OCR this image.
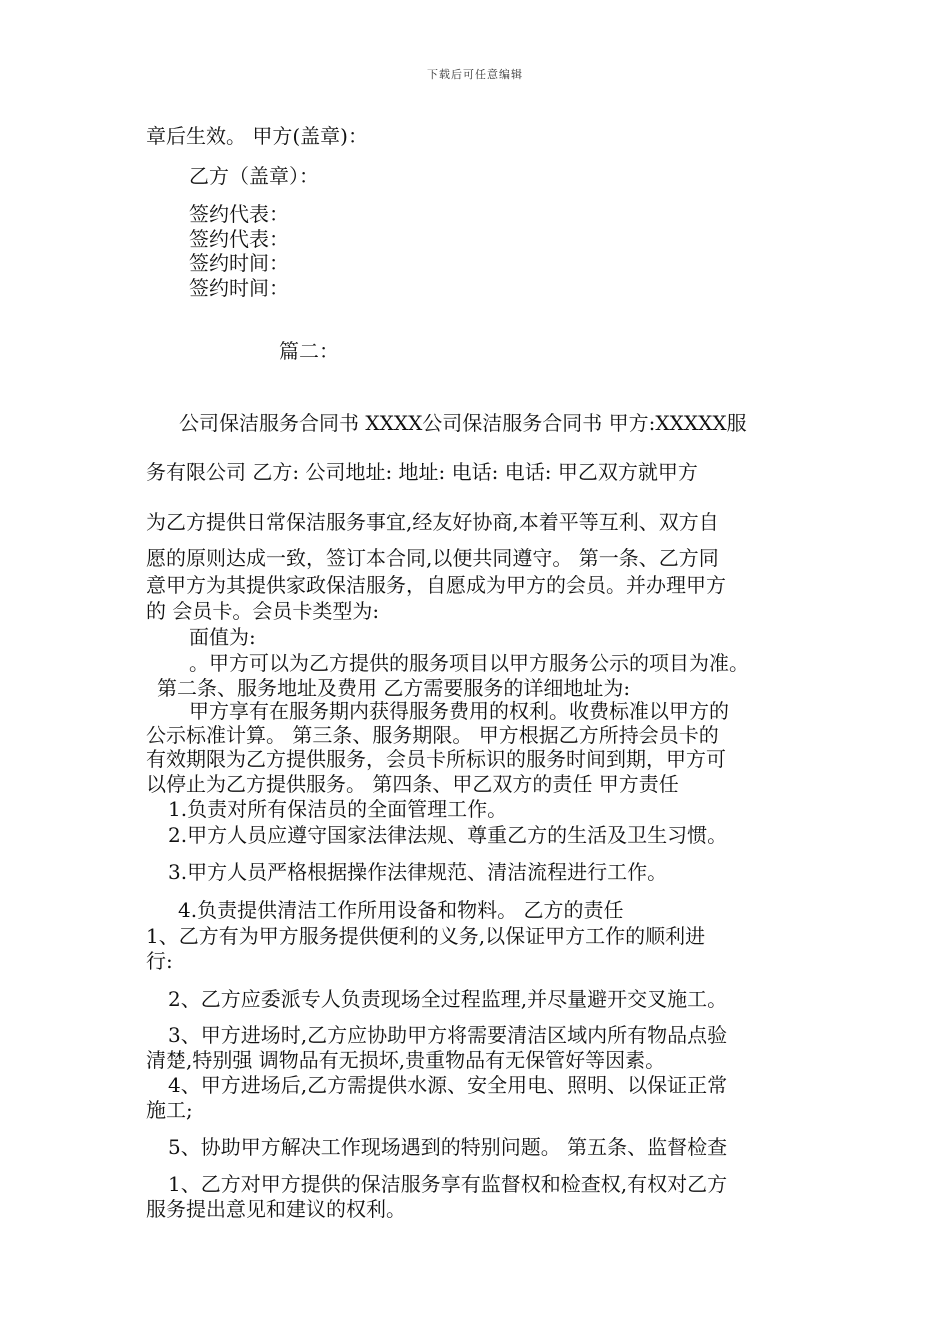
下载后可任意编辑
章后生效。 甲方(盖章)：
乙方（盖章）：
签约代表：
签约代表：
签约时间：
签约时间：
篇二：
公司保洁服务合同书 XXXX公司保洁服务合同书 甲方:XXXXX服
务有限公司 乙方: 公司地址: 地址: 电话: 电话: 甲乙双方就甲方
为乙方提供日常保洁服务事宜,经友好协商,本着平等互利、双方自
愿的原则达成一致，签订本合同,以便共同遵守。 第一条、乙方同
意甲方为其提供家政保洁服务，自愿成为甲方的会员。并办理甲方
的 会员卡。会员卡类型为:
面值为:
。甲方可以为乙方提供的服务项目以甲方服务公示的项目为准。
第二条、服务地址及费用 乙方需要服务的详细地址为:
甲方享有在服务期内获得服务费用的权利。收费标准以甲方的
公示标准计算。 第三条、服务期限。 甲方根据乙方所持会员卡的
有效期限为乙方提供服务，会员卡所标识的服务时间到期，甲方可
以停止为乙方提供服务。 第四条、甲乙双方的责任 甲方责任
1.负责对所有保洁员的全面管理工作。
2.甲方人员应遵守国家法律法规、尊重乙方的生活及卫生习惯。
3.甲方人员严格根据操作法律规范、清洁流程进行工作。
4.负责提供清洁工作所用设备和物料。 乙方的责任
1、乙方有为甲方服务提供便利的义务,以保证甲方工作的顺利进
行:
2、乙方应委派专人负责现场全过程监理,并尽量避开交叉施工。
3、甲方进场时,乙方应协助甲方将需要清洁区域内所有物品点验
清楚,特别强 调物品有无损坏,贵重物品有无保管好等因素。
4、甲方进场后,乙方需提供水源、安全用电、照明、以保证正常
施工;
5、协助甲方解决工作现场遇到的特别问题。 第五条、监督检查
1、乙方对甲方提供的保洁服务享有监督权和检查权,有权对乙方
服务提出意见和建议的权利。
